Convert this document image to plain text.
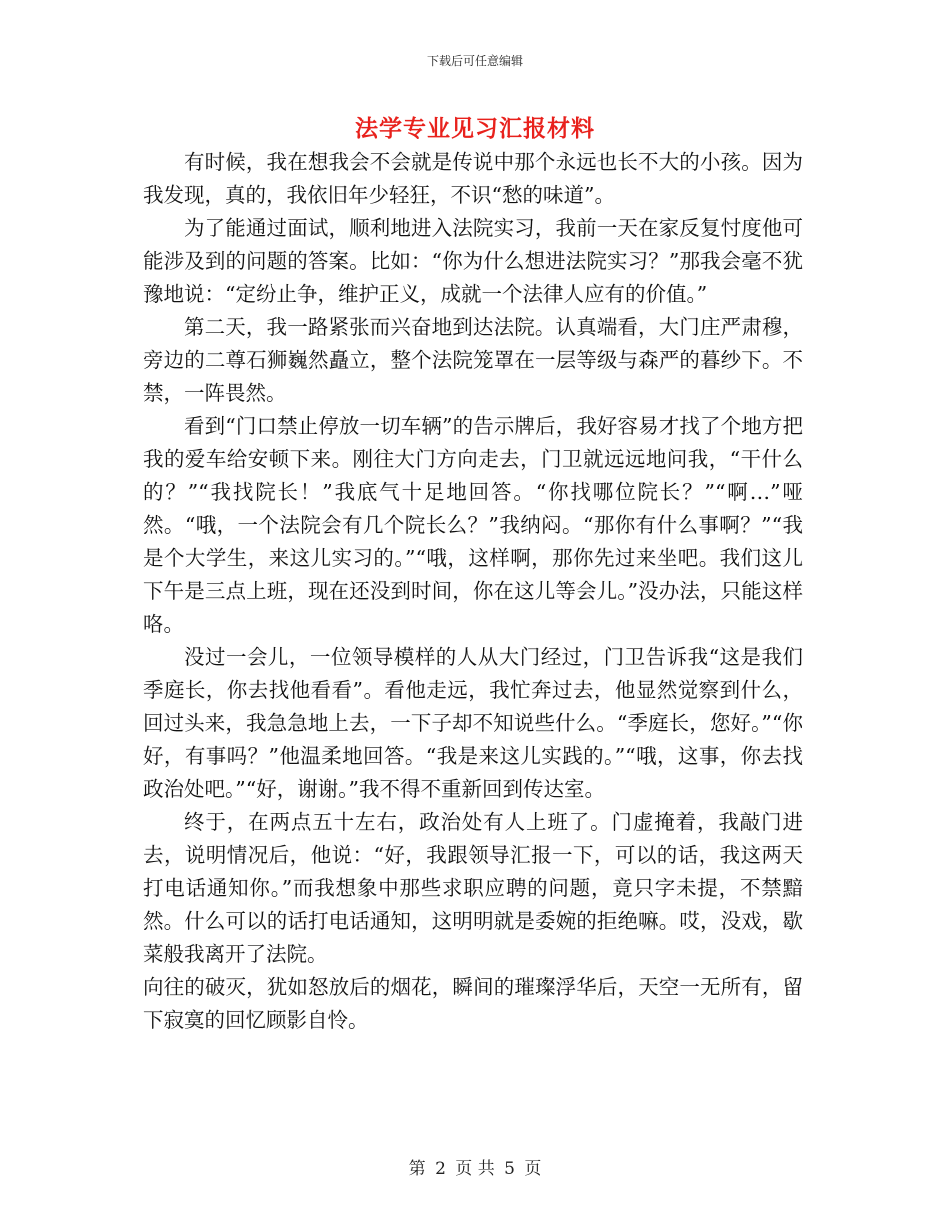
下载后可任意编辑
法学专业见习汇报材料

有时候，我在想我会不会就是传说中那个永远也长不大的小孩。因为我发现，真的，我依旧年少轻狂，不识“愁的味道”。

为了能通过面试，顺利地进入法院实习，我前一天在家反复忖度他可能涉及到的问题的答案。比如：“你为什么想进法院实习？”那我会毫不犹豫地说：“定纷止争，维护正义，成就一个法律人应有的价值。”

第二天，我一路紧张而兴奋地到达法院。认真端看，大门庄严肃穆，旁边的二尊石狮巍然矗立，整个法院笼罩在一层等级与森严的暮纱下。不禁，一阵畏然。

看到“门口禁止停放一切车辆”的告示牌后，我好容易才找了个地方把我的爱车给安顿下来。刚往大门方向走去，门卫就远远地问我，“干什么的？”“我找院长！”我底气十足地回答。“你找哪位院长？”“啊…”哑然。“哦，一个法院会有几个院长么？”我纳闷。“那你有什么事啊？”“我是个大学生，来这儿实习的。”“哦，这样啊，那你先过来坐吧。我们这儿下午是三点上班，现在还没到时间，你在这儿等会儿。”没办法，只能这样咯。

没过一会儿，一位领导模样的人从大门经过，门卫告诉我“这是我们季庭长，你去找他看看”。看他走远，我忙奔过去，他显然觉察到什么，回过头来，我急急地上去，一下子却不知说些什么。“季庭长，您好。”“你好，有事吗？”他温柔地回答。“我是来这儿实践的。”“哦，这事，你去找政治处吧。”“好，谢谢。”我不得不重新回到传达室。

终于，在两点五十左右，政治处有人上班了。门虚掩着，我敲门进去，说明情况后，他说：“好，我跟领导汇报一下，可以的话，我这两天打电话通知你。”而我想象中那些求职应聘的问题，竟只字未提，不禁黯然。什么可以的话打电话通知，这明明就是委婉的拒绝嘛。哎，没戏，歇菜般我离开了法院。

向往的破灭，犹如怒放后的烟花，瞬间的璀璨浮华后，天空一无所有，留下寂寞的回忆顾影自怜。

第 2 页 共 5 页
